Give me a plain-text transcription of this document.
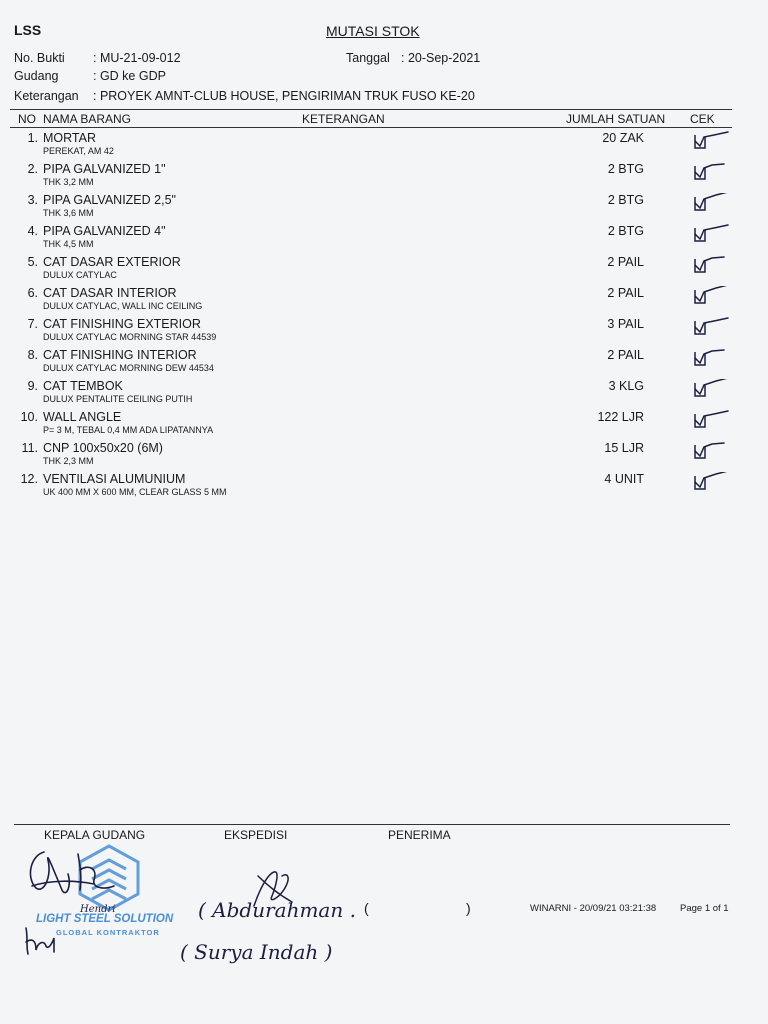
LSS	MUTASI STOK
No. Bukti : MU-21-09-012	Tanggal : 20-Sep-2021
Gudang	: GD ke GDP
Keterangan : PROYEK AMNT-CLUB HOUSE, PENGIRIMAN TRUK FUSO KE-20
NO NAMA BARANG	KETERANGAN	JUMLAH SATUAN CEK
1. MORTAR
PEREKAT, AM 42
20 ZAK
2. PIPA GALVANIZED 1"
THK 3,2 MM
2 BTG
3. PIPA GALVANIZED 2,5"
THK 3,6 MM
2 BTG
4. PIPA GALVANIZED 4"
THK 4,5 MM
2 BTG
5. CAT DASAR EXTERIOR
DULUX CATYLAC
2 PAIL
6. CAT DASAR INTERIOR
DULUX CATYLAC, WALL INC CEILING
2 PAIL
7. CAT FINISHING EXTERIOR
DULUX CATYLAC MORNING STAR 44539
3 PAIL
8. CAT FINISHING INTERIOR
DULUX CATYLAC MORNING DEW 44534
2 PAIL
9. CAT TEMBOK
DULUX PENTALITE CEILING PUTIH
3 KLG
10. WALL ANGLE
P= 3 M, TEBAL 0,4 MM ADA LIPATANNYA
122 LJR
11. CNP 100x50x20 (6M)
THK 2,3 MM
15 LJR
12. VENTILASI ALUMUNIUM
UK 400 MM X 600 MM, CLEAR GLASS 5 MM
4 UNIT
KEPALA GUDANG	EKSPEDISI	PENERIMA
LIGHT STEEL SOLUTION
GLOBAL KONTRAKTOR
Hendri	( Abdurahman .
( Surya Indah )
(	)	WINARNI - 20/09/21 03:21:38	Page 1 of 1
